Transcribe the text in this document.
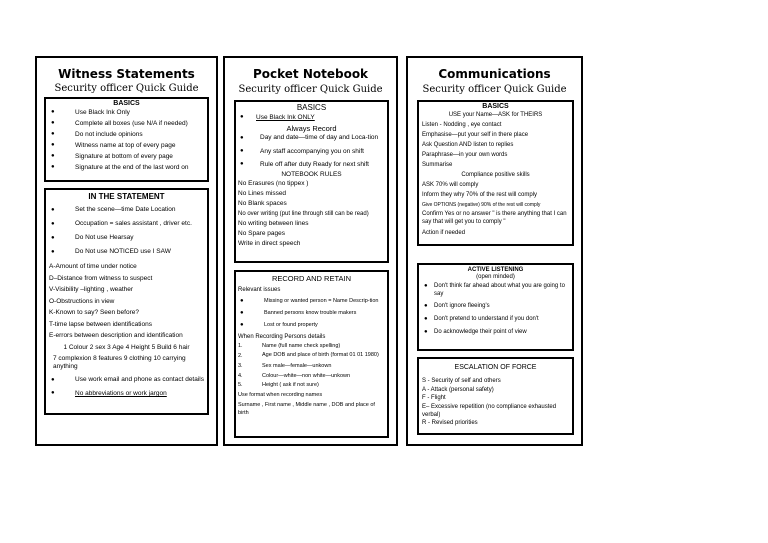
Witness Statements
Security officer Quick Guide
BASICS
● Use Black Ink Only
● Complete all boxes (use N/A if needed)
● Do not include opinions
● Witness name at top of every page
● Signature at bottom of every page
● Signature at the end of the last word on
IN THE STATEMENT
● Set the scene—time Date Location
● Occupation = sales assistant , driver etc.
● Do Not use Hearsay
● Do Not use NOTICED use I SAW
A-Amount of time under notice
D–Distance from witness to suspect
V-Visibility –lighting , weather
O-Obstructions in view
K-Known to say? Seen before?
T-time lapse between identifications
E-errors between description and identification
1 Colour 2 sex 3 Age 4 Height 5 Build 6 hair
7 complexion 8 features 9 clothing 10 carrying anything
● Use work email and phone as contact details
● No abbreviations or work jargon
Pocket Notebook
Security officer Quick Guide
BASICS
● Use Black Ink ONLY
Always Record
● Day and date—time of day and Loca-tion
● Any staff accompanying you on shift
● Rule off after duty Ready for next shift
NOTEBOOK RULES
No Erasures (no tippex )
No Lines missed
No Blank spaces
No over writing (put line through still can be read)
No writing between lines
No Spare pages
Write in direct speech
RECORD AND RETAIN
Relevant issues
● Missing or wanted person = Name Descrip-tion
● Banned persons know trouble makers
● Lost or found property
When Recording Persons details
1.	Name (full name check spelling)
2.	Age DOB and place of birth (format 01 01 1980)
3.	Sex male—female—unkown
4.	Colour—white—non white—unkown
5.	Height ( ask if not sure)
Use format when recording names
Surname , First name , Middle name , DOB and place of birth
Communications
Security officer Quick Guide
BASICS
USE your Name—ASK for THEIRS
Listen - Nodding , eye contact
Emphasise—put your self in there place
Ask Question AND listen to replies
Paraphrase—in your own words
Summarise
Compliance positive skills
ASK 70% will comply
Inform they why 70% of the rest will comply
Give OPTIONS (negative) 90% of the rest will comply
Confirm Yes or no answer " is there anything that I can say that will get you to comply "
Action if needed
ACTIVE LISTENING
(open minded)
● Don't think far ahead about what you are going to say
● Don't ignore fleeing's
● Don't pretend to understand if you don't
● Do acknowledge their point of view
ESCALATION OF FORCE
S - Security of self and others
A - Attack (personal safety)
F - Flight
E– Excessive repetition (no compliance exhausted verbal)
R - Revised priorities
